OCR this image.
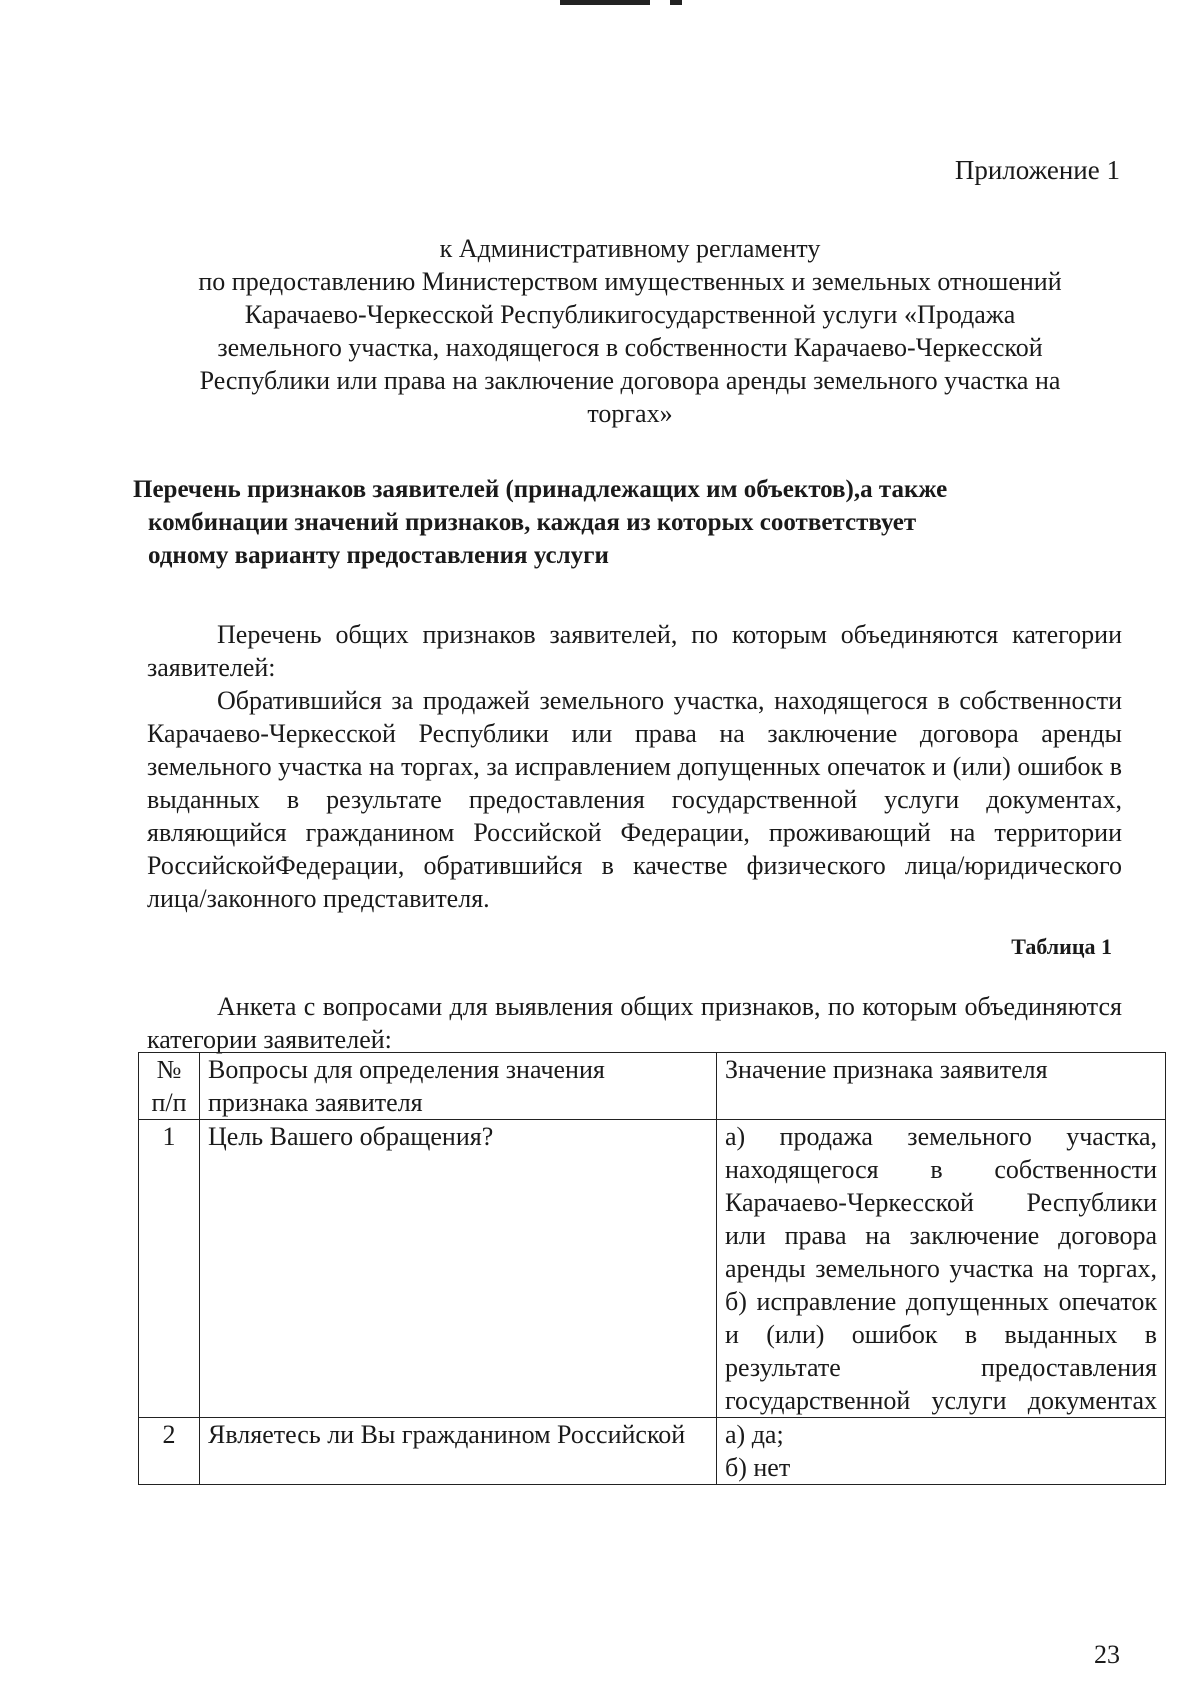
Приложение 1
к Административному регламенту
по предоставлению Министерством имущественных и земельных отношений
Карачаево-Черкесской Республикигосударственной услуги «Продажа
земельного участка, находящегося в собственности Карачаево-Черкесской
Республики или права на заключение договора аренды земельного участка на
торгах»
Перечень признаков заявителей (принадлежащих им объектов),а также
комбинации значений признаков, каждая из которых соответствует
одному варианту предоставления услуги
Перечень общих признаков заявителей, по которым объединяются категории заявителей:
Обратившийся за продажей земельного участка, находящегося в собственности Карачаево-Черкесской Республики или права на заключение договора аренды земельного участка на торгах, за исправлением допущенных опечаток и (или) ошибок в выданных в результате предоставления государственной услуги документах, являющийся гражданином Российской Федерации, проживающий на территории РоссийскойФедерации, обратившийся в качестве физического лица/юридического лица/законного представителя.
Таблица 1
Анкета с вопросами для выявления общих признаков, по которым объединяются категории заявителей:
№ п/п	Вопросы для определения значения признака заявителя	Значение признака заявителя
1	Цель Вашего обращения?	а) продажа земельного участка, находящегося в собственности Карачаево-Черкесской Республики или права на заключение договора аренды земельного участка на торгах,
б) исправление допущенных опечаток и (или) ошибок в выданных в результате предоставления государственной услуги документах

2	Являетесь ли Вы гражданином Российской	а) да;
б) нет
23
